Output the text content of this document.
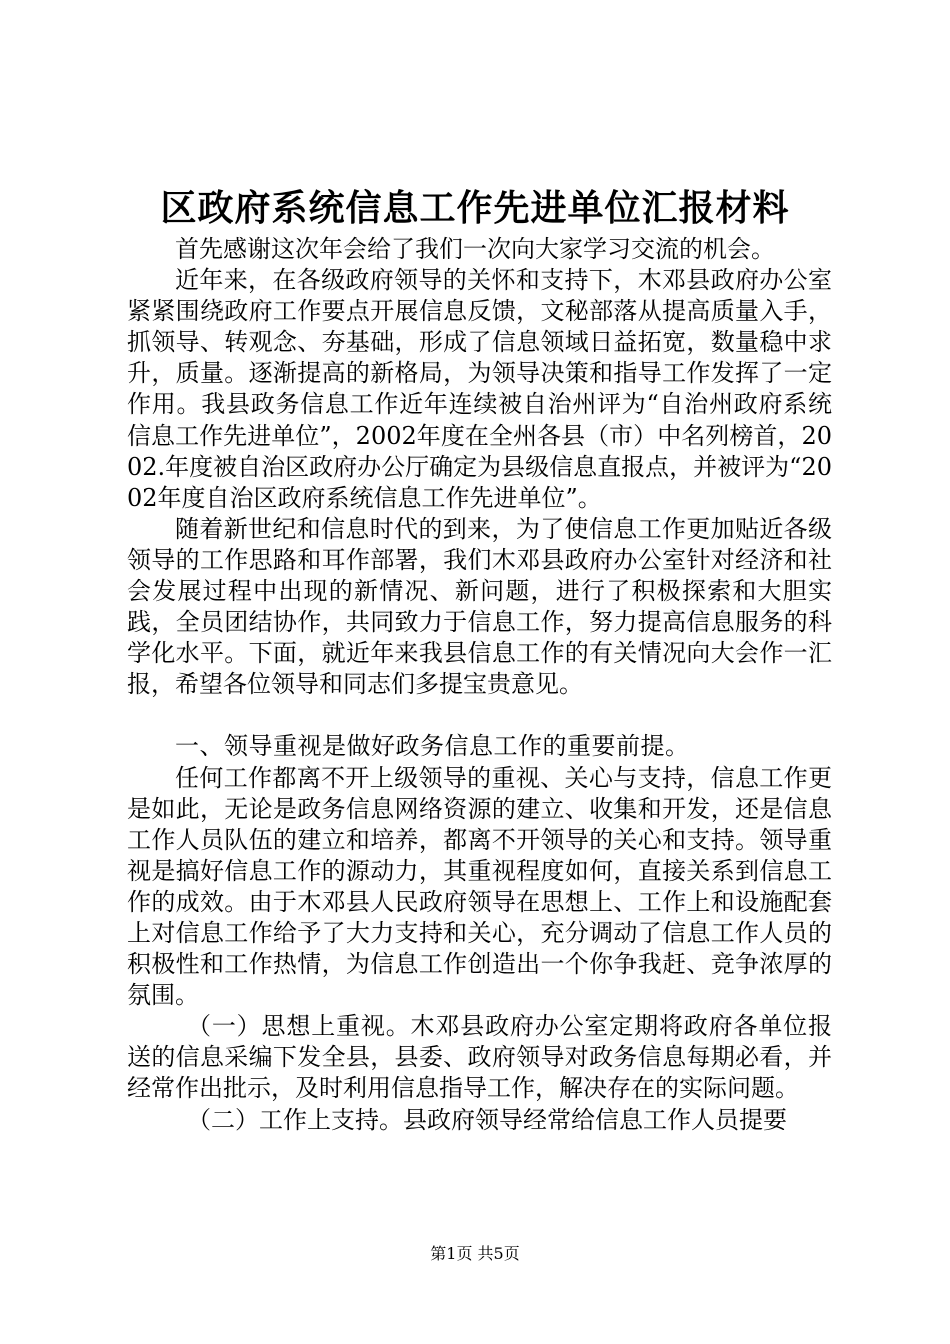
区政府系统信息工作先进单位汇报材料

首先感谢这次年会给了我们一次向大家学习交流的机会。

近年来，在各级政府领导的关怀和支持下，木邓县政府办公室紧紧围绕政府工作要点开展信息反馈，文秘部落从提高质量入手，抓领导、转观念、夯基础，形成了信息领域日益拓宽，数量稳中求升，质量。逐渐提高的新格局，为领导决策和指导工作发挥了一定作用。我县政务信息工作近年连续被自治州评为“自治州政府系统信息工作先进单位”，2002年度在全州各县（市）中名列榜首，2002.年度被自治区政府办公厅确定为县级信息直报点，并被评为“2002年度自治区政府系统信息工作先进单位”。

随着新世纪和信息时代的到来，为了使信息工作更加贴近各级领导的工作思路和耳作部署，我们木邓县政府办公室针对经济和社会发展过程中出现的新情况、新问题，进行了积极探索和大胆实践，全员团结协作，共同致力于信息工作，努力提高信息服务的科学化水平。下面，就近年来我县信息工作的有关情况向大会作一汇报，希望各位领导和同志们多提宝贵意见。

一、领导重视是做好政务信息工作的重要前提。

任何工作都离不开上级领导的重视、关心与支持，信息工作更是如此，无论是政务信息网络资源的建立、收集和开发，还是信息工作人员队伍的建立和培养，都离不开领导的关心和支持。领导重视是搞好信息工作的源动力，其重视程度如何，直接关系到信息工作的成效。由于木邓县人民政府领导在思想上、工作上和设施配套上对信息工作给予了大力支持和关心，充分调动了信息工作人员的积极性和工作热情，为信息工作创造出一个你争我赶、竞争浓厚的氛围。

（一）思想上重视。木邓县政府办公室定期将政府各单位报送的信息采编下发全县，县委、政府领导对政务信息每期必看，并经常作出批示，及时利用信息指导工作，解决存在的实际问题。

（二）工作上支持。县政府领导经常给信息工作人员提要

第1页 共5页
